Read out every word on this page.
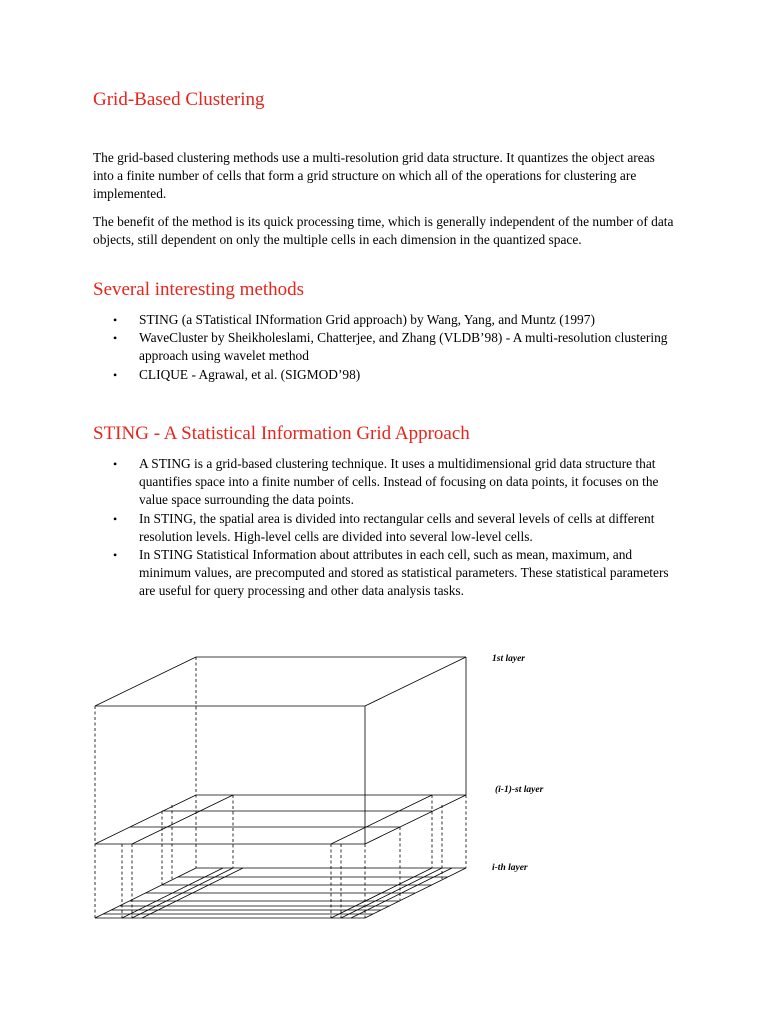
Grid-Based Clustering

The grid-based clustering methods use a multi-resolution grid data structure. It quantizes the object areas into a finite number of cells that form a grid structure on which all of the operations for clustering are implemented.

The benefit of the method is its quick processing time, which is generally independent of the number of data objects, still dependent on only the multiple cells in each dimension in the quantized space.

Several interesting methods
• STING (a STatistical INformation Grid approach) by Wang, Yang, and Muntz (1997)
• WaveCluster by Sheikholeslami, Chatterjee, and Zhang (VLDB’98) - A multi-resolution clustering approach using wavelet method
• CLIQUE - Agrawal, et al. (SIGMOD’98)
STING - A Statistical Information Grid Approach
• A STING is a grid-based clustering technique. It uses a multidimensional grid data structure that quantifies space into a finite number of cells. Instead of focusing on data points, it focuses on the value space surrounding the data points.
• In STING, the spatial area is divided into rectangular cells and several levels of cells at different resolution levels. High-level cells are divided into several low-level cells.
• In STING Statistical Information about attributes in each cell, such as mean, maximum, and minimum values, are precomputed and stored as statistical parameters. These statistical parameters are useful for query processing and other data analysis tasks.
1st layer
(i-1)-st layer
i-th layer
